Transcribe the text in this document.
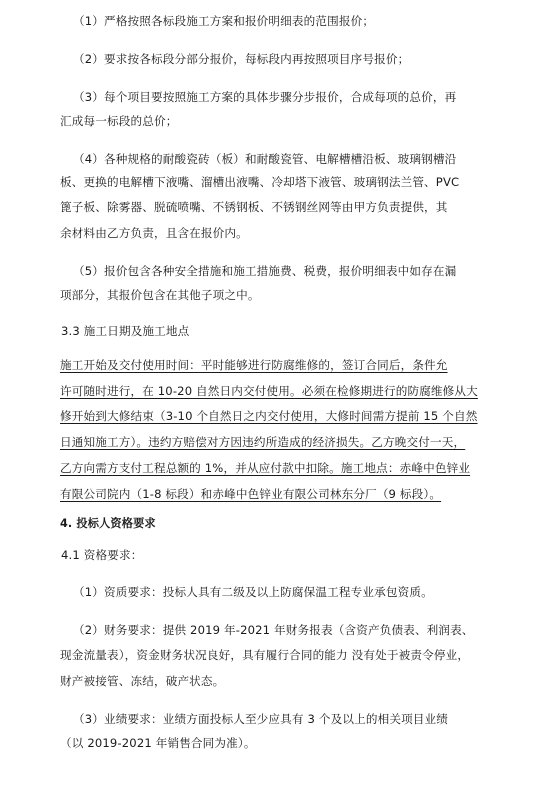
（1）严格按照各标段施工方案和报价明细表的范围报价；
（2）要求按各标段分部分报价，每标段内再按照项目序号报价；
（3）每个项目要按照施工方案的具体步骤分步报价，合成每项的总价，再
汇成每一标段的总价；
（4）各种规格的耐酸瓷砖（板）和耐酸瓷管、电解槽槽沿板、玻璃钢槽沿
板、更换的电解槽下液嘴、溜槽出液嘴、冷却塔下液管、玻璃钢法兰管、PVC
篦子板、除雾器、脱硫喷嘴、不锈钢板、不锈钢丝网等由甲方负责提供，其
余材料由乙方负责，且含在报价内。
（5）报价包含各种安全措施和施工措施费、税费，报价明细表中如存在漏
项部分，其报价包含在其他子项之中。
3.3 施工日期及施工地点
施工开始及交付使用时间：平时能够进行防腐维修的，签订合同后，条件允
许可随时进行，在 10-20 自然日内交付使用。必须在检修期进行的防腐维修从大
修开始到大修结束（3-10 个自然日之内交付使用，大修时间需方提前 15 个自然
日通知施工方）。违约方赔偿对方因违约所造成的经济损失。乙方晚交付一天，
乙方向需方支付工程总额的 1%，并从应付款中扣除。施工地点：赤峰中色锌业
有限公司院内（1-8 标段）和赤峰中色锌业有限公司林东分厂（9 标段）。
4. 投标人资格要求
4.1 资格要求：
（1）资质要求：投标人具有二级及以上防腐保温工程专业承包资质。
（2）财务要求：提供 2019 年-2021 年财务报表（含资产负债表、利润表、
现金流量表），资金财务状况良好，具有履行合同的能力 没有处于被责令停业，
财产被接管、冻结，破产状态。
（3）业绩要求：业绩方面投标人至少应具有 3 个及以上的相关项目业绩
（以 2019-2021 年销售合同为准）。
